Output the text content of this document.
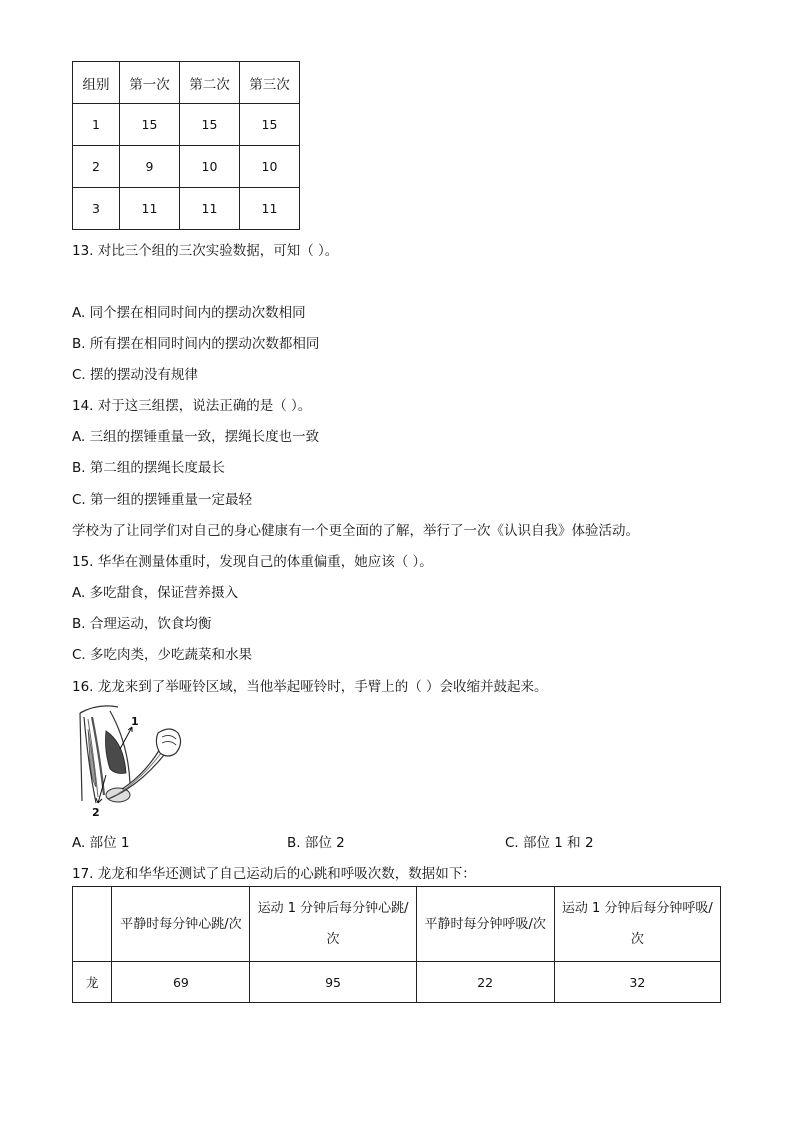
组别	第一次	第二次	第三次
1	15	15	15
2	9	10	10
3	11	11	11
13. 对比三个组的三次实验数据，可知（ ）。
A. 同个摆在相同时间内的摆动次数相同
B. 所有摆在相同时间内的摆动次数都相同
C. 摆的摆动没有规律
14. 对于这三组摆，说法正确的是（ ）。
A. 三组的摆锤重量一致，摆绳长度也一致
B. 第二组的摆绳长度最长
C. 第一组的摆锤重量一定最轻
学校为了让同学们对自己的身心健康有一个更全面的了解，举行了一次《认识自我》体验活动。
15. 华华在测量体重时，发现自己的体重偏重，她应该（ ）。
A. 多吃甜食，保证营养摄入
B. 合理运动，饮食均衡
C. 多吃肉类，少吃蔬菜和水果
16. 龙龙来到了举哑铃区域，当他举起哑铃时，手臂上的（ ）会收缩并鼓起来。
1
2
A. 部位 1	B. 部位 2	C. 部位 1 和 2
17. 龙龙和华华还测试了自己运动后的心跳和呼吸次数，数据如下：
	平静时每分钟心跳/次	运动 1 分钟后每分钟心跳/次	平静时每分钟呼吸/次	运动 1 分钟后每分钟呼吸/次
龙	69	95	22	32
